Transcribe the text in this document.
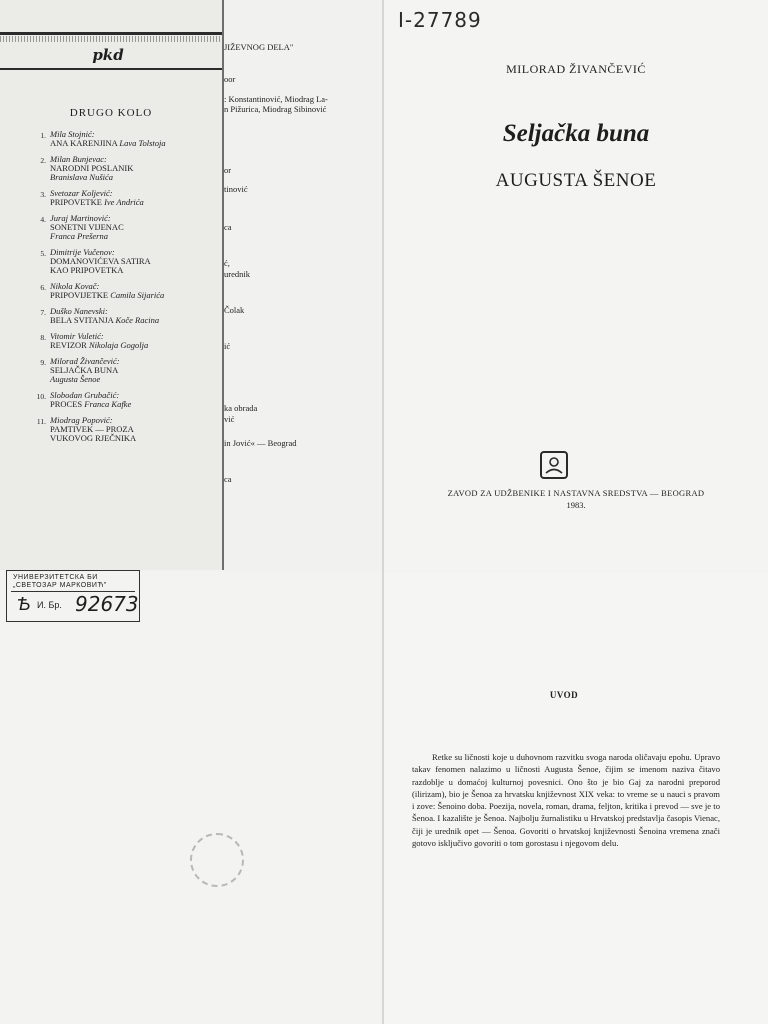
pkd
DRUGO KOLO
1. Mila Stojnić:
ANA KARENJINA Lava Tolstoja
2. Milan Bunjevac:
NARODNI POSLANIK
Branislava Nušića
3. Svetozar Koljević:
PRIPOVETKE Ive Andrića
4. Juraj Martinović:
SONETNI VIJENAC
Franca Prešerna
5. Dimitrije Vučenov:
DOMANOVIĆEVA SATIRA
KAO PRIPOVETKA
6. Nikola Kovač:
PRIPOVIJETKE Camila Sijarića
7. Duško Nanevski:
BELA SVITANJA Koče Racina
8. Vitomir Vuletić:
REVIZOR Nikolaja Gogolja
9. Milorad Živančević:
SELJAČKA BUNA
Augusta Šenoe
10. Slobodan Grubačić:
PROCES Franca Kafke
11. Miodrag Popović:
PAMTIVEK — PROZA
VUKOVOG RJEČNIKA
JIŽEVNOG DELA"
oor
: Konstantinović, Miodrag La-
n Pižurica, Miodrag Sibinović
or
tinović
ca
ć,
urednik
Čolak
ić
ka obrada
vić
in Jović« — Beograd
ca
I-27789
MILORAD ŽIVANČEVIĆ
Seljačka buna
AUGUSTA ŠENOE
ZAVOD ZA UDŽBENIKE I NASTAVNA SREDSTVA — BEOGRAD
1983.
УНИВЕРЗИТЕТСКА БИ
„СВЕТОЗАР МАРКОВИЋ"
Ѣ И. Бр. 92673
UVOD
Retke su ličnosti koje u duhovnom razvitku svoga naroda oličavaju epohu. Upravo takav fenomen nalazimo u ličnosti Augusta Šenoe, čijim se imenom naziva čitavo razdoblje u domaćoj kulturnoj povesnici. Ono što je bio Gaj za narodni preporod (ilirizam), bio je Šenoa za hrvatsku književnost XIX veka: to vreme se u nauci s pravom i zove: Šenoino doba. Poezija, novela, roman, drama, feljton, kritika i prevod — sve je to Šenoa. I kazalište je Šenoa. Najbolju žurnalistiku u Hrvatskoj predstavlja časopis Vienac, čiji je urednik opet — Šenoa. Govoriti o hrvatskoj književnosti Šenoina vremena znači gotovo isključivo govoriti o tom gorostasu i njegovom delu.
